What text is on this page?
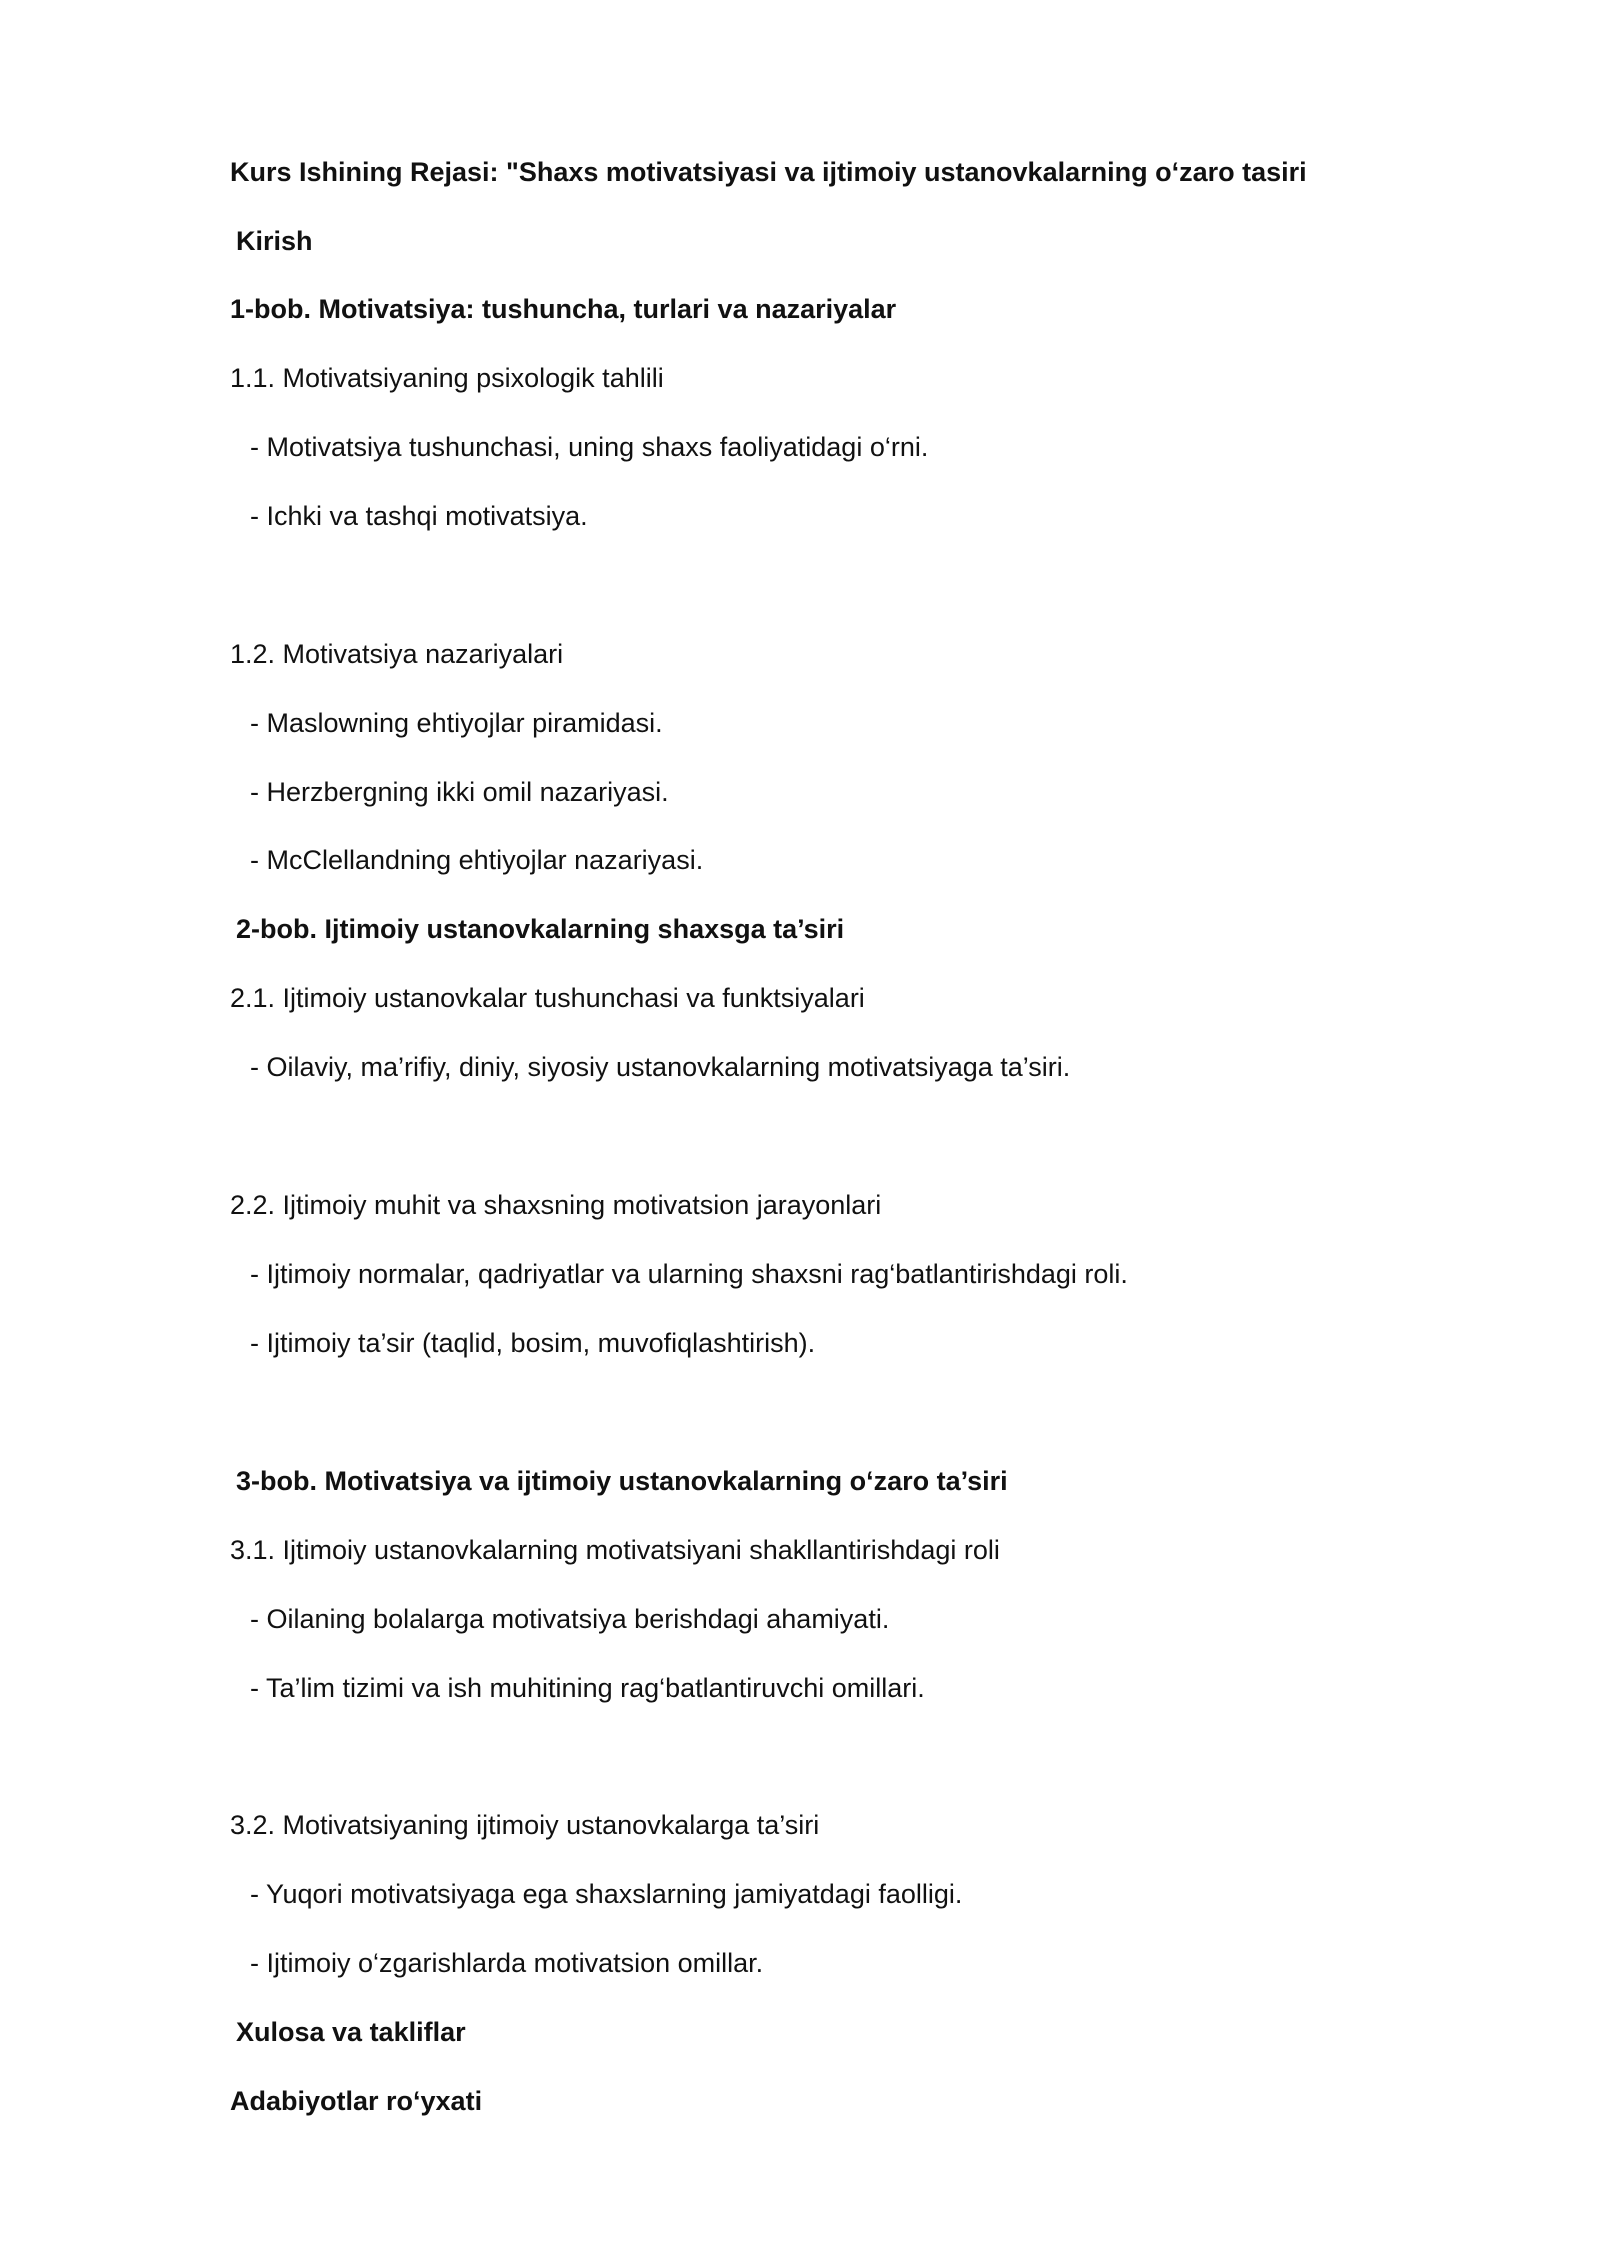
Kurs Ishining Rejasi: "Shaxs motivatsiyasi va ijtimoiy ustanovkalarning o‘zaro tasiri
Kirish
1-bob. Motivatsiya: tushuncha, turlari va nazariyalar
1.1. Motivatsiyaning psixologik tahlili
- Motivatsiya tushunchasi, uning shaxs faoliyatidagi o‘rni.
- Ichki va tashqi motivatsiya.
1.2. Motivatsiya nazariyalari
- Maslowning ehtiyojlar piramidasi.
- Herzbergning ikki omil nazariyasi.
- McClellandning ehtiyojlar nazariyasi.
2-bob. Ijtimoiy ustanovkalarning shaxsga ta’siri
2.1. Ijtimoiy ustanovkalar tushunchasi va funktsiyalari
- Oilaviy, ma’rifiy, diniy, siyosiy ustanovkalarning motivatsiyaga ta’siri.
2.2. Ijtimoiy muhit va shaxsning motivatsion jarayonlari
- Ijtimoiy normalar, qadriyatlar va ularning shaxsni rag‘batlantirishdagi roli.
- Ijtimoiy ta’sir (taqlid, bosim, muvofiqlashtirish).
3-bob. Motivatsiya va ijtimoiy ustanovkalarning o‘zaro ta’siri
3.1. Ijtimoiy ustanovkalarning motivatsiyani shakllantirishdagi roli
- Oilaning bolalarga motivatsiya berishdagi ahamiyati.
- Ta’lim tizimi va ish muhitining rag‘batlantiruvchi omillari.
3.2. Motivatsiyaning ijtimoiy ustanovkalarga ta’siri
- Yuqori motivatsiyaga ega shaxslarning jamiyatdagi faolligi.
- Ijtimoiy o‘zgarishlarda motivatsion omillar.
Xulosa va takliflar
Adabiyotlar ro‘yxati
